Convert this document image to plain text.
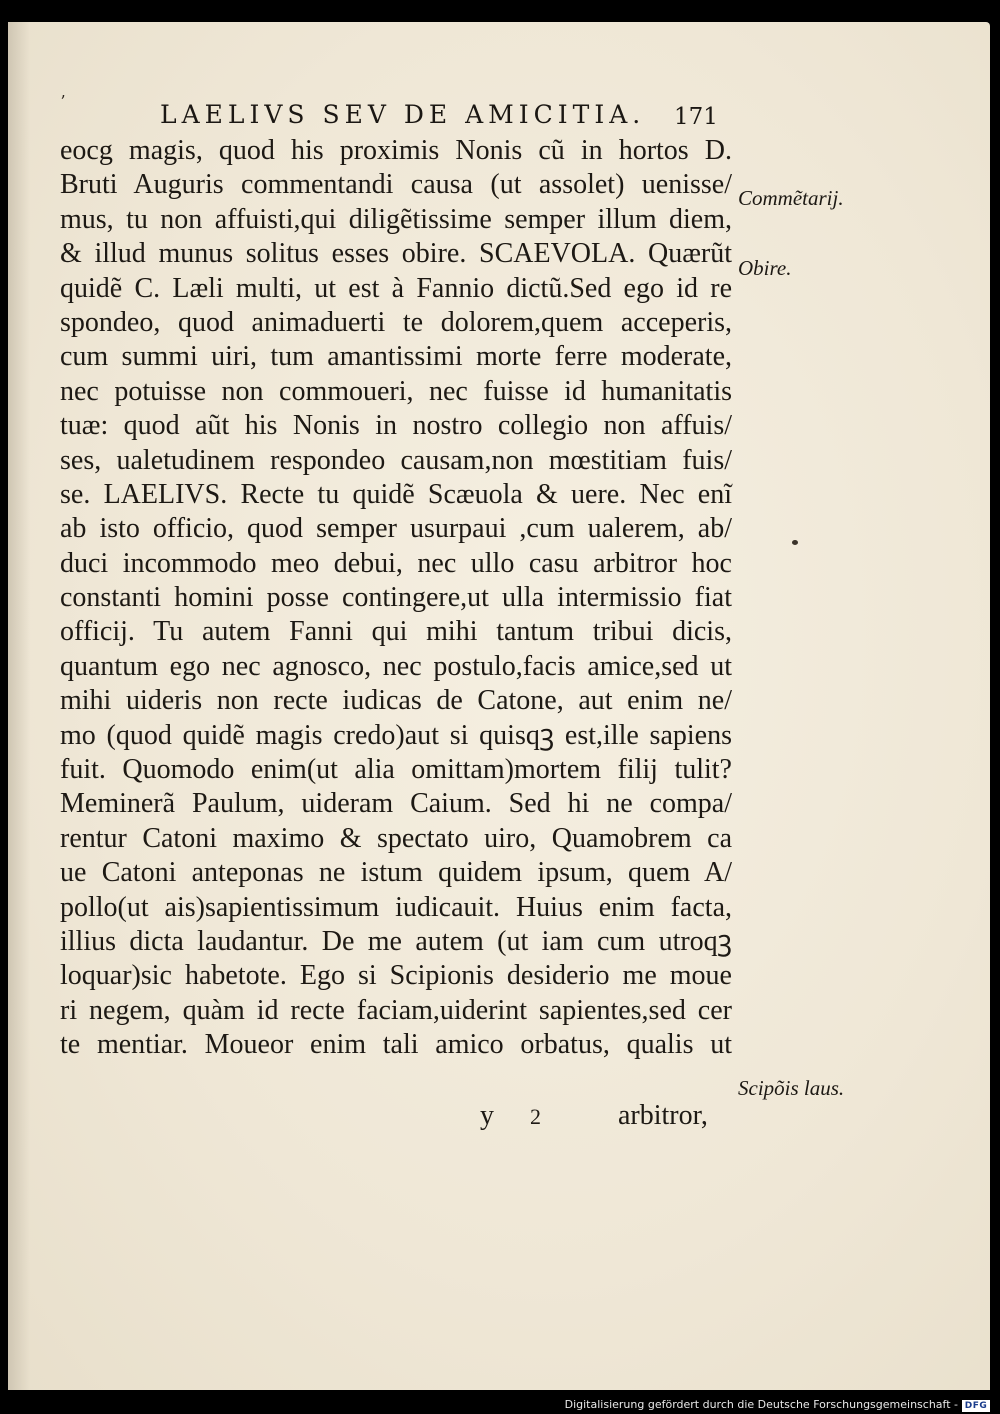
ʼ	LAELIVS SEV DE AMICITIA. 171
eocg magis, quod his proximis Nonis cũ in hortos D.
Bruti Auguris commentandi causa (ut assolet) uenisse/
mus, tu non affuisti,qui diligẽtissime semper illum diem,
& illud munus solitus esses obire. SCAEVOLA. Quærũt
quidẽ C. Læli multi, ut est à Fannio dictũ.Sed ego id re
spondeo, quod animaduerti te dolorem,quem acceperis,
cum summi uiri, tum amantissimi morte ferre moderate,
nec potuisse non commoueri, nec fuisse id humanitatis
tuæ: quod aũt his Nonis in nostro collegio non affuis/
ses, ualetudinem respondeo causam,non mœstitiam fuis/
se. LAELIVS. Recte tu quidẽ Scæuola & uere. Nec enĩ
ab isto officio, quod semper usurpaui ,cum ualerem, ab/
duci incommodo meo debui, nec ullo casu arbitror hoc
constanti homini posse contingere,ut ulla intermissio fiat
officij. Tu autem Fanni qui mihi tantum tribui dicis,
quantum ego nec agnosco, nec postulo,facis amice,sed ut
mihi uideris non recte iudicas de Catone, aut enim ne/
mo (quod quidẽ magis credo)aut si quisqꝫ est,ille sapiens
fuit. Quomodo enim(ut alia omittam)mortem filij tulit?
Meminerã Paulum, uideram Caium. Sed hi ne compa/
rentur Catoni maximo & spectato uiro, Quamobrem ca
ue Catoni anteponas ne istum quidem ipsum, quem A/
pollo(ut ais)sapientissimum iudicauit. Huius enim facta,
illius dicta laudantur. De me autem (ut iam cum utroqꝫ
loquar)sic habetote. Ego si Scipionis desiderio me moue
ri negem, quàm id recte faciam,uiderint sapientes,sed cer
te mentiar. Moueor enim tali amico orbatus, qualis ut
Commẽtarij.
Obire.
Scipõis laus.
y 2	arbitror,
Digitalisierung gefördert durch die Deutsche Forschungsgemeinschaft - DFG
